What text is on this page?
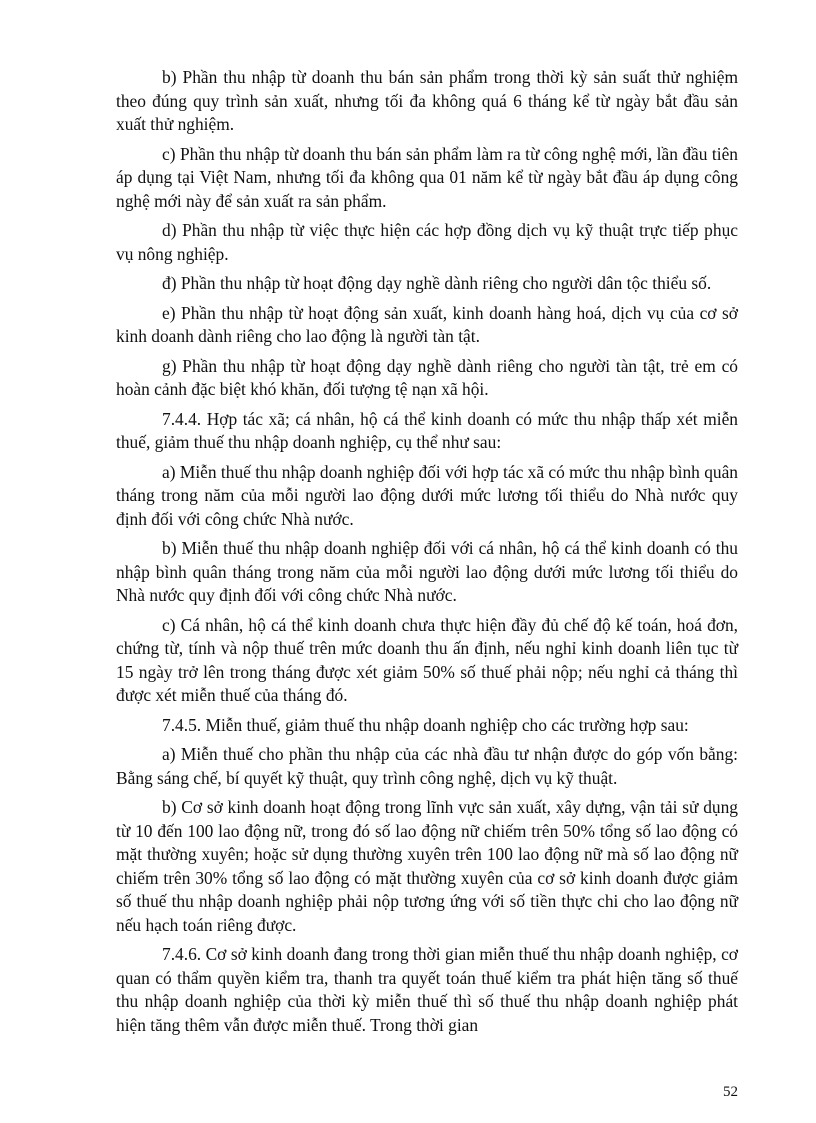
b) Phần thu nhập từ doanh thu bán sản phẩm trong thời kỳ sản suất thử nghiệm theo đúng quy trình sản xuất, nhưng tối đa không quá 6 tháng kể từ ngày bắt đầu sản xuất thử nghiệm.

c) Phần thu nhập từ doanh thu bán sản phẩm làm ra từ công nghệ mới, lần đầu tiên áp dụng tại Việt Nam, nhưng tối đa không qua 01 năm kể từ ngày bắt đầu áp dụng công nghệ mới này để sản xuất ra sản phẩm.

d) Phần thu nhập từ việc thực hiện các hợp đồng dịch vụ kỹ thuật trực tiếp phục vụ nông nghiệp.

đ) Phần thu nhập từ hoạt động dạy nghề dành riêng cho người dân tộc thiểu số.

e) Phần thu nhập từ hoạt động sản xuất, kinh doanh hàng hoá, dịch vụ của cơ sở kinh doanh dành riêng cho lao động là người tàn tật.

g) Phần thu nhập từ hoạt động dạy nghề dành riêng cho người tàn tật, trẻ em có hoàn cảnh đặc biệt khó khăn, đối tượng tệ nạn xã hội.

7.4.4. Hợp tác xã; cá nhân, hộ cá thể kinh doanh có mức thu nhập thấp xét miễn thuế, giảm thuế thu nhập doanh nghiệp, cụ thể như sau:

a) Miễn thuế thu nhập doanh nghiệp đối với hợp tác xã có mức thu nhập bình quân tháng trong năm của mỗi người lao động dưới mức lương tối thiểu do Nhà nước quy định đối với công chức Nhà nước.

b) Miễn thuế thu nhập doanh nghiệp đối với cá nhân, hộ cá thể kinh doanh có thu nhập bình quân tháng trong năm của mỗi người lao động dưới mức lương tối thiểu do Nhà nước quy định đối với công chức Nhà nước.

c) Cá nhân, hộ cá thể kinh doanh chưa thực hiện đầy đủ chế độ kế toán, hoá đơn, chứng từ, tính và nộp thuế trên mức doanh thu ấn định, nếu nghỉ kinh doanh liên tục từ 15 ngày trở lên trong tháng được xét giảm 50% số thuế phải nộp; nếu nghỉ cả tháng thì được xét miễn thuế của tháng đó.

7.4.5. Miễn thuế, giảm thuế thu nhập doanh nghiệp cho các trường hợp sau:

a) Miễn thuế cho phần thu nhập của các nhà đầu tư nhận được do góp vốn bằng: Bằng sáng chế, bí quyết kỹ thuật, quy trình công nghệ, dịch vụ kỹ thuật.

b) Cơ sở kinh doanh hoạt động trong lĩnh vực sản xuất, xây dựng, vận tải sử dụng từ 10 đến 100 lao động nữ, trong đó số lao động nữ chiếm trên 50% tổng số lao động có mặt thường xuyên; hoặc sử dụng thường xuyên trên 100 lao động nữ mà số lao động nữ chiếm trên 30% tổng số lao động có mặt thường xuyên của cơ sở kinh doanh được giảm số thuế thu nhập doanh nghiệp phải nộp tương ứng với số tiền thực chi cho lao động nữ nếu hạch toán riêng được.

7.4.6. Cơ sở kinh doanh đang trong thời gian miễn thuế thu nhập doanh nghiệp, cơ quan có thẩm quyền kiểm tra, thanh tra quyết toán thuế kiểm tra phát hiện tăng số thuế thu nhập doanh nghiệp của thời kỳ miễn thuế thì số thuế thu nhập doanh nghiệp phát hiện tăng thêm vẫn được miễn thuế. Trong thời gian

52
